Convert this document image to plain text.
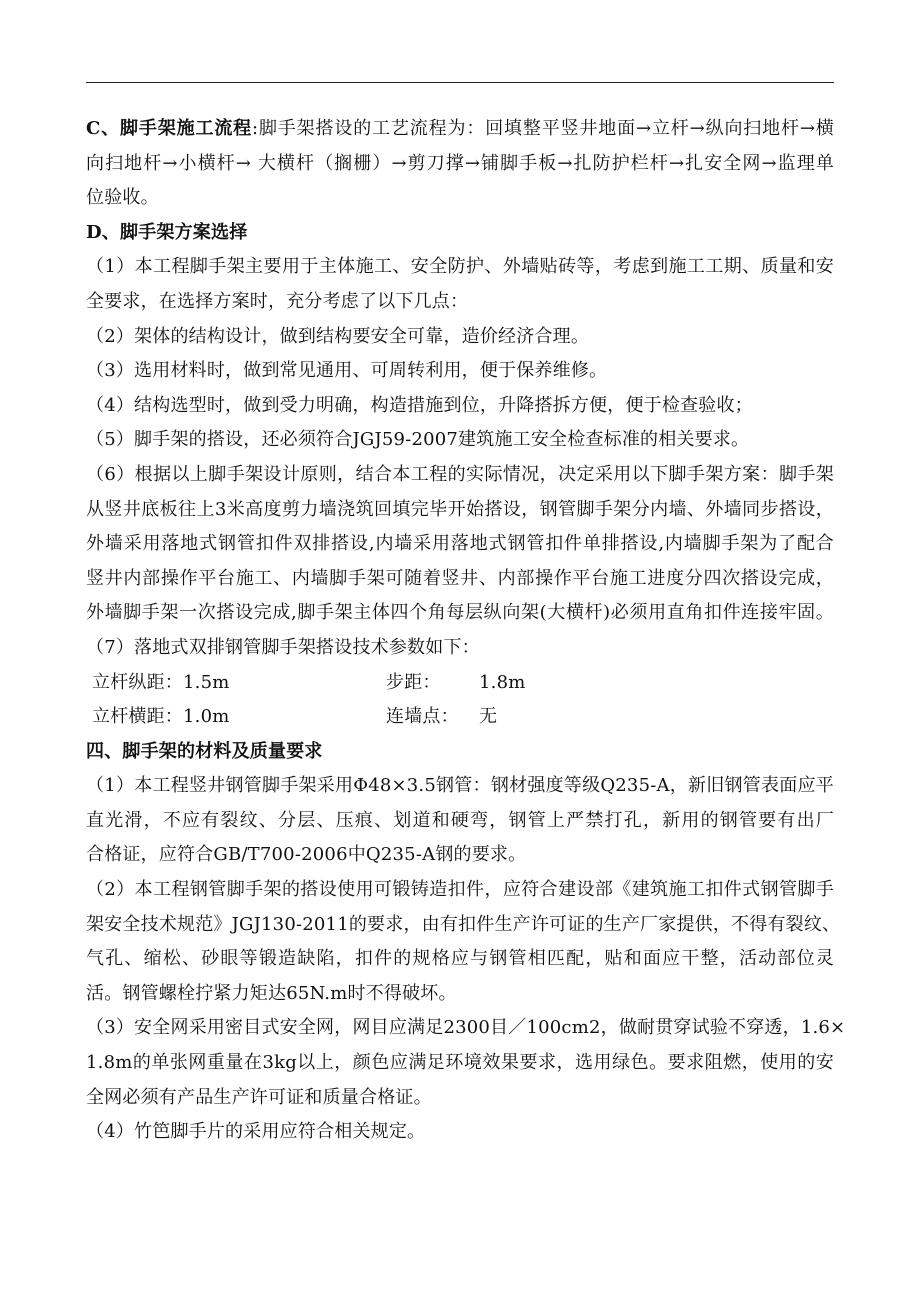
C、脚手架施工流程:脚手架搭设的工艺流程为：回填整平竖井地面→立杆→纵向扫地杆→横
向扫地杆→小横杆→ 大横杆（搁栅）→剪刀撑→铺脚手板→扎防护栏杆→扎安全网→监理单
位验收。
D、脚手架方案选择
（1）本工程脚手架主要用于主体施工、安全防护、外墙贴砖等，考虑到施工工期、质量和安
全要求，在选择方案时，充分考虑了以下几点：
（2）架体的结构设计，做到结构要安全可靠，造价经济合理。
（3）选用材料时，做到常见通用、可周转利用，便于保养维修。
（4）结构选型时，做到受力明确，构造措施到位，升降搭拆方便，便于检查验收；
（5）脚手架的搭设，还必须符合JGJ59-2007建筑施工安全检查标准的相关要求。
（6）根据以上脚手架设计原则，结合本工程的实际情况，决定采用以下脚手架方案：脚手架
从竖井底板往上3米高度剪力墙浇筑回填完毕开始搭设，钢管脚手架分内墙、外墙同步搭设，
外墙采用落地式钢管扣件双排搭设,内墙采用落地式钢管扣件单排搭设,内墙脚手架为了配合
竖井内部操作平台施工、内墙脚手架可随着竖井、内部操作平台施工进度分四次搭设完成，
外墙脚手架一次搭设完成,脚手架主体四个角每层纵向架(大横杆)必须用直角扣件连接牢固。
（7）落地式双排钢管脚手架搭设技术参数如下：
立杆纵距：1.5m	步距： 1.8m
立杆横距：1.0m	连墙点： 无
四、脚手架的材料及质量要求
（1）本工程竖井钢管脚手架采用Φ48×3.5钢管：钢材强度等级Q235-A，新旧钢管表面应平
直光滑，不应有裂纹、分层、压痕、划道和硬弯，钢管上严禁打孔，新用的钢管要有出厂
合格证，应符合GB/T700-2006中Q235-A钢的要求。
（2）本工程钢管脚手架的搭设使用可锻铸造扣件，应符合建设部《建筑施工扣件式钢管脚手
架安全技术规范》JGJ130-2011的要求，由有扣件生产许可证的生产厂家提供，不得有裂纹、
气孔、缩松、砂眼等锻造缺陷，扣件的规格应与钢管相匹配，贴和面应干整，活动部位灵
活。钢管螺栓拧紧力矩达65N.m时不得破坏。
（3）安全网采用密目式安全网，网目应满足2300目／100cm2，做耐贯穿试验不穿透，1.6×
1.8m的单张网重量在3kg以上，颜色应满足环境效果要求，选用绿色。要求阻燃，使用的安
全网必须有产品生产许可证和质量合格证。
（4）竹笆脚手片的采用应符合相关规定。
